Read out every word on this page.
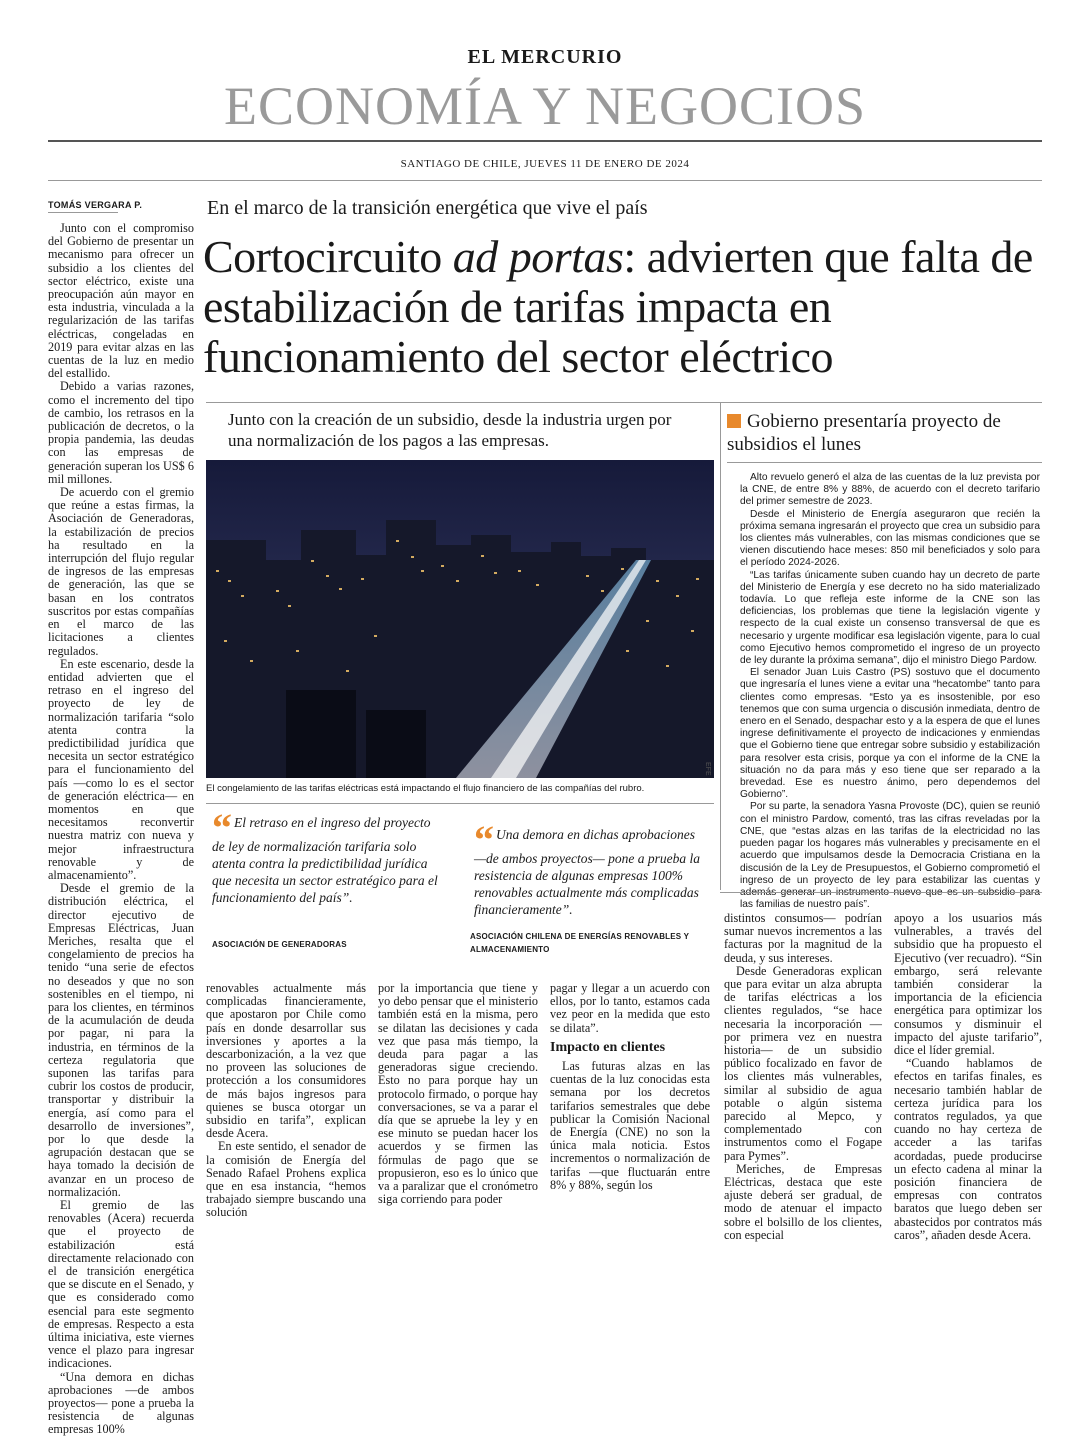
EL MERCURIO
ECONOMÍA Y NEGOCIOS
SANTIAGO DE CHILE, JUEVES 11 DE ENERO DE 2024
TOMÁS VERGARA P.

Junto con el compromiso del Gobierno de presentar un mecanismo para ofrecer un subsidio a los clientes del sector eléctrico, existe una preocupación aún mayor en esta industria, vinculada a la regularización de las tarifas eléctricas, congeladas en 2019 para evitar alzas en las cuentas de la luz en medio del estallido.

Debido a varias razones, como el incremento del tipo de cambio, los retrasos en la publicación de decretos, o la propia pandemia, las deudas con las empresas de generación superan los US$ 6 mil millones.

De acuerdo con el gremio que reúne a estas firmas, la Asociación de Generadoras, la estabilización de precios ha resultado en la interrupción del flujo regular de ingresos de las empresas de generación, las que se basan en los contratos suscritos por estas compañías en el marco de las licitaciones a clientes regulados.

En este escenario, desde la entidad advierten que el retraso en el ingreso del proyecto de ley de normalización tarifaria “solo atenta contra la predictibilidad jurídica que necesita un sector estratégico para el funcionamiento del país —como lo es el sector de generación eléctrica— en momentos en que necesitamos reconvertir nuestra matriz con nueva y mejor infraestructura renovable y de almacenamiento”.

Desde el gremio de la distribución eléctrica, el director ejecutivo de Empresas Eléctricas, Juan Meriches, resalta que el congelamiento de precios ha tenido “una serie de efectos no deseados y que no son sostenibles en el tiempo, ni para los clientes, en términos de la acumulación de deuda por pagar, ni para la industria, en términos de la certeza regulatoria que suponen las tarifas para cubrir los costos de producir, transportar y distribuir la energía, así como para el desarrollo de inversiones”, por lo que desde la agrupación destacan que se haya tomado la decisión de avanzar en un proceso de normalización.

El gremio de las renovables (Acera) recuerda que el proyecto de estabilización está directamente relacionado con el de transición energética que se discute en el Senado, y que es considerado como esencial para este segmento de empresas. Respecto a esta última iniciativa, este viernes vence el plazo para ingresar indicaciones.

“Una demora en dichas aprobaciones —de ambos proyectos— pone a prueba la resistencia de algunas empresas 100%

En el marco de la transición energética que vive el país
Cortocircuito ad portas: advierten que falta de estabilización de tarifas impacta en funcionamiento del sector eléctrico
Junto con la creación de un subsidio, desde la industria urgen por una normalización de los pagos a las empresas.
EFE
El congelamiento de las tarifas eléctricas está impactando el flujo financiero de las compañías del rubro.
Gobierno presentaría proyecto de subsidios el lunes

Alto revuelo generó el alza de las cuentas de la luz prevista por la CNE, de entre 8% y 88%, de acuerdo con el decreto tarifario del primer semestre de 2023.

Desde el Ministerio de Energía aseguraron que recién la próxima semana ingresarán el proyecto que crea un subsidio para los clientes más vulnerables, con las mismas condiciones que se vienen discutiendo hace meses: 850 mil beneficiados y solo para el período 2024-2026.

“Las tarifas únicamente suben cuando hay un decreto de parte del Ministerio de Energía y ese decreto no ha sido materializado todavía. Lo que refleja este informe de la CNE son las deficiencias, los problemas que tiene la legislación vigente y respecto de la cual existe un consenso transversal de que es necesario y urgente modificar esa legislación vigente, para lo cual como Ejecutivo hemos comprometido el ingreso de un proyecto de ley durante la próxima semana”, dijo el ministro Diego Pardow.

El senador Juan Luis Castro (PS) sostuvo que el documento que ingresaría el lunes viene a evitar una “hecatombe” tanto para clientes como empresas. “Esto ya es insostenible, por eso tenemos que con suma urgencia o discusión inmediata, dentro de enero en el Senado, despachar esto y a la espera de que el lunes ingrese definitivamente el proyecto de indicaciones y enmiendas que el Gobierno tiene que entregar sobre subsidio y estabilización para resolver esta crisis, porque ya con el informe de la CNE la situación no da para más y eso tiene que ser reparado a la brevedad. Ese es nuestro ánimo, pero dependemos del Gobierno”.

Por su parte, la senadora Yasna Provoste (DC), quien se reunió con el ministro Pardow, comentó, tras las cifras reveladas por la CNE, que “estas alzas en las tarifas de la electricidad no las pueden pagar los hogares más vulnerables y precisamente en el acuerdo que impulsamos desde la Democracia Cristiana en la discusión de la Ley de Presupuestos, el Gobierno comprometió el ingreso de un proyecto de ley para estabilizar las cuentas y las familias de nuestro país”.

“ El retraso en el ingreso del proyecto de ley de normalización tarifaria solo atenta contra la predictibilidad jurídica que necesita un sector estratégico para el funcionamiento del país”.
ASOCIACIÓN DE GENERADORAS
“ Una demora en dichas aprobaciones —de ambos proyectos— pone a prueba la resistencia de algunas empresas 100% renovables actualmente más complicadas financieramente”.
ASOCIACIÓN CHILENA DE ENERGÍAS RENOVABLES Y ALMACENAMIENTO

renovables actualmente más complicadas financieramente, que apostaron por Chile como país en donde desarrollar sus inversiones y aportes a la descarbonización, a la vez que no proveen las soluciones de protección a los consumidores de más bajos ingresos para quienes se busca otorgar un subsidio en tarifa”, explican desde Acera.

En este sentido, el senador de la comisión de Energía del Senado Rafael Prohens explica que en esa instancia, “hemos trabajado siempre buscando una solución

por la importancia que tiene y yo debo pensar que el ministerio también está en la misma, pero se dilatan las decisiones y cada vez que pasa más tiempo, la deuda para pagar a las generadoras sigue creciendo. Esto no para porque hay un protocolo firmado, o porque hay conversaciones, se va a parar el día que se apruebe la ley y en ese minuto se puedan hacer los acuerdos y se firmen las fórmulas de pago que se propusieron, eso es lo único que va a paralizar que el cronómetro siga corriendo para poder

pagar y llegar a un acuerdo con ellos, por lo tanto, estamos cada vez peor en la medida que esto se dilata”.

Impacto en clientes

Las futuras alzas en las cuentas de la luz conocidas esta semana por los decretos tarifarios semestrales que debe publicar la Comisión Nacional de Energía (CNE) no son la única mala noticia. Estos incrementos o normalización de tarifas —que fluctuarán entre 8% y 88%, según los

distintos consumos— podrían sumar nuevos incrementos a las facturas por la magnitud de la deuda, y sus intereses.

Desde Generadoras explican que para evitar un alza abrupta de tarifas eléctricas a los clientes regulados, “se hace necesaria la incorporación —por primera vez en nuestra historia— de un subsidio público focalizado en favor de los clientes más vulnerables, similar al subsidio de agua potable o algún sistema parecido al Mepco, y complementado con instrumentos como el Fogape para Pymes”.

Meriches, de Empresas Eléctricas, destaca que este ajuste deberá ser gradual, de modo de atenuar el impacto sobre el bolsillo de los clientes, con especial

apoyo a los usuarios más vulnerables, a través del subsidio que ha propuesto el Ejecutivo (ver recuadro). “Sin embargo, será relevante también considerar la importancia de la eficiencia energética para optimizar los consumos y disminuir el impacto del ajuste tarifario”, dice el líder gremial.

“Cuando hablamos de efectos en tarifas finales, es necesario también hablar de certeza jurídica para los contratos regulados, ya que cuando no hay certeza de acceder a las tarifas acordadas, puede producirse un efecto cadena al minar la posición financiera de empresas con contratos baratos que luego deben ser abastecidos por contratos más caros”, añaden desde Acera.
